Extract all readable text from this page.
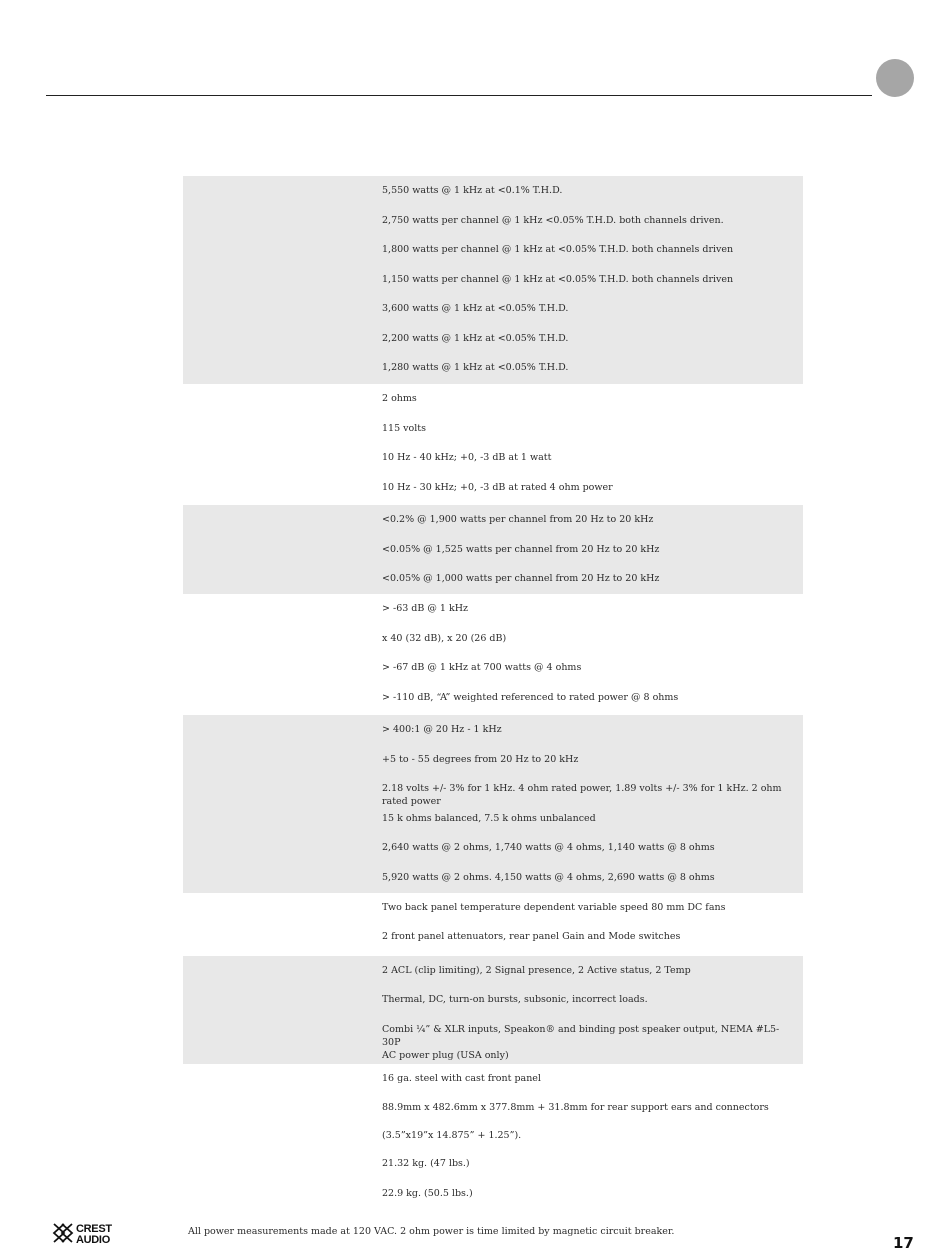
5,550 watts @ 1 kHz at <0.1% T.H.D.
2,750 watts per channel @ 1 kHz <0.05% T.H.D. both channels driven.
1,800 watts per channel @ 1 kHz at <0.05% T.H.D. both channels driven
1,150 watts per channel @ 1 kHz at <0.05% T.H.D. both channels driven
3,600 watts @ 1 kHz at <0.05% T.H.D.
2,200 watts @ 1 kHz at <0.05% T.H.D.
1,280 watts @ 1 kHz at <0.05% T.H.D.
2 ohms
115 volts
10 Hz - 40 kHz; +0, -3 dB at 1 watt
10 Hz - 30 kHz; +0, -3 dB at rated 4 ohm power
<0.2% @ 1,900 watts per channel from 20 Hz to 20 kHz
<0.05% @ 1,525 watts per channel from 20 Hz to 20 kHz
<0.05% @ 1,000 watts per channel from 20 Hz to 20 kHz
> -63 dB @ 1 kHz
x 40 (32 dB), x 20 (26 dB)
> -67 dB @ 1 kHz at 700 watts @ 4 ohms
> -110 dB, “A” weighted referenced to rated power @ 8 ohms
> 400:1 @ 20 Hz - 1 kHz
+5 to - 55 degrees from 20 Hz to 20 kHz
2.18 volts +/- 3% for 1 kHz. 4 ohm rated power, 1.89 volts +/- 3% for 1 kHz. 2 ohm rated power
15 k ohms balanced, 7.5 k ohms unbalanced
2,640 watts @ 2 ohms, 1,740 watts @ 4 ohms, 1,140 watts @ 8 ohms
5,920 watts @ 2 ohms. 4,150 watts @ 4 ohms, 2,690 watts @ 8 ohms
Two back panel temperature dependent variable speed 80 mm DC fans
2 front panel attenuators, rear panel Gain and Mode switches
2 ACL (clip limiting), 2 Signal presence, 2 Active status, 2 Temp
Thermal, DC, turn-on bursts, subsonic, incorrect loads.
Combi ¼” & XLR inputs, Speakon® and binding post speaker output, NEMA #L5-30P
AC power plug (USA only)
16 ga. steel with cast front panel
88.9mm x 482.6mm x 377.8mm + 31.8mm for rear support ears and connectors
(3.5”x19”x 14.875” + 1.25”).
21.32 kg. (47 lbs.)
22.9 kg. (50.5 lbs.)
CREST
AUDIO
All power measurements made at 120 VAC. 2 ohm power is time limited by magnetic circuit breaker.
17
